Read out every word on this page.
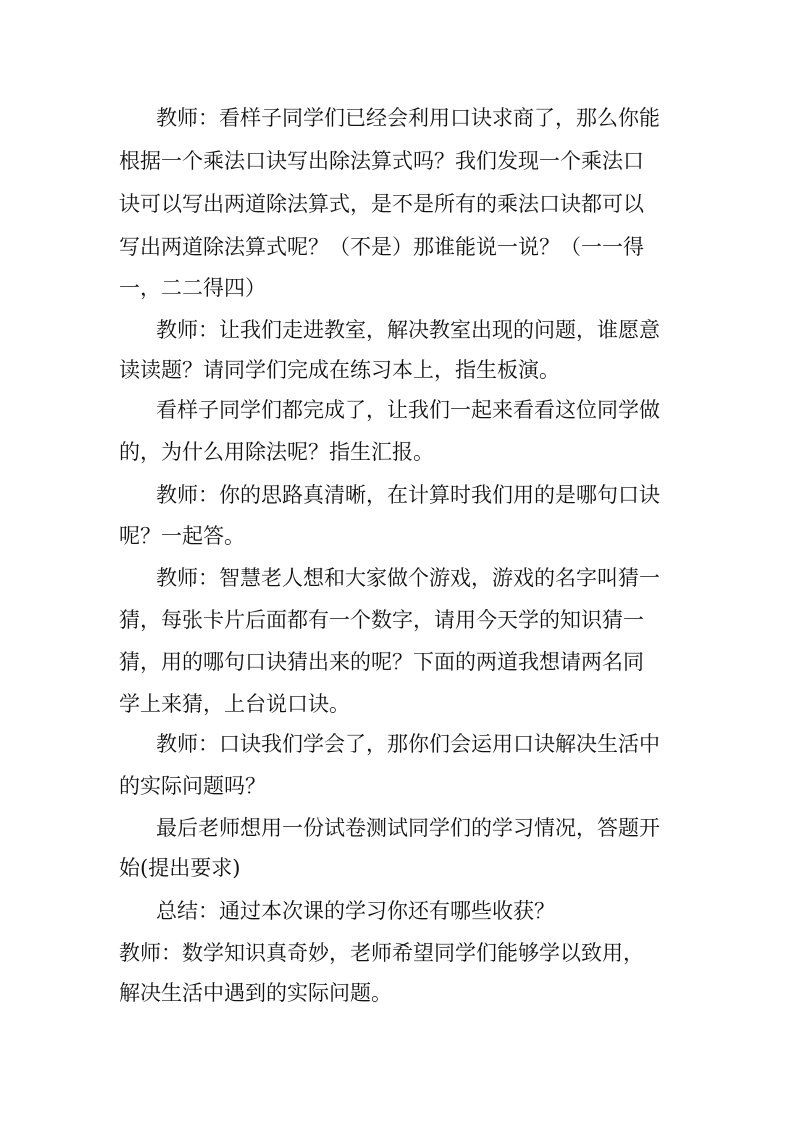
教师：看样子同学们已经会利用口诀求商了，那么你能
根据一个乘法口诀写出除法算式吗？我们发现一个乘法口
诀可以写出两道除法算式，是不是所有的乘法口诀都可以
写出两道除法算式呢？（不是）那谁能说一说？（一一得
一，二二得四）
教师：让我们走进教室，解决教室出现的问题，谁愿意
读读题？请同学们完成在练习本上，指生板演。
看样子同学们都完成了，让我们一起来看看这位同学做
的，为什么用除法呢？指生汇报。
教师：你的思路真清晰，在计算时我们用的是哪句口诀
呢？一起答。
教师：智慧老人想和大家做个游戏，游戏的名字叫猜一
猜，每张卡片后面都有一个数字，请用今天学的知识猜一
猜，用的哪句口诀猜出来的呢？下面的两道我想请两名同
学上来猜，上台说口诀。
教师：口诀我们学会了，那你们会运用口诀解决生活中
的实际问题吗？
最后老师想用一份试卷测试同学们的学习情况，答题开
始(提出要求)
总结：通过本次课的学习你还有哪些收获？
教师：数学知识真奇妙，老师希望同学们能够学以致用，
解决生活中遇到的实际问题。
